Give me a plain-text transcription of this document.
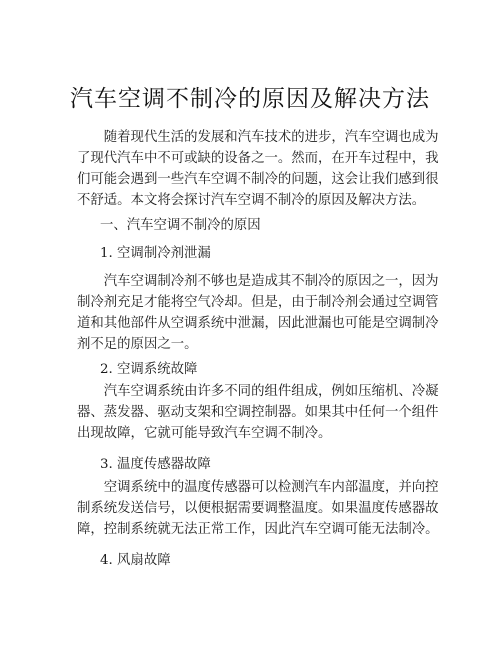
汽车空调不制冷的原因及解决方法

　　随着现代生活的发展和汽车技术的进步，汽车空调也成为
了现代汽车中不可或缺的设备之一。然而，在开车过程中，我
们可能会遇到一些汽车空调不制冷的问题，这会让我们感到很
不舒适。本文将会探讨汽车空调不制冷的原因及解决方法。

一、汽车空调不制冷的原因
1. 空调制冷剂泄漏

　　汽车空调制冷剂不够也是造成其不制冷的原因之一，因为
制冷剂充足才能将空气冷却。但是，由于制冷剂会通过空调管
道和其他部件从空调系统中泄漏，因此泄漏也可能是空调制冷
剂不足的原因之一。

2. 空调系统故障

　　汽车空调系统由许多不同的组件组成，例如压缩机、冷凝
器、蒸发器、驱动支架和空调控制器。如果其中任何一个组件
出现故障，它就可能导致汽车空调不制冷。

3. 温度传感器故障

　　空调系统中的温度传感器可以检测汽车内部温度，并向控
制系统发送信号，以便根据需要调整温度。如果温度传感器故
障，控制系统就无法正常工作，因此汽车空调可能无法制冷。

4. 风扇故障
